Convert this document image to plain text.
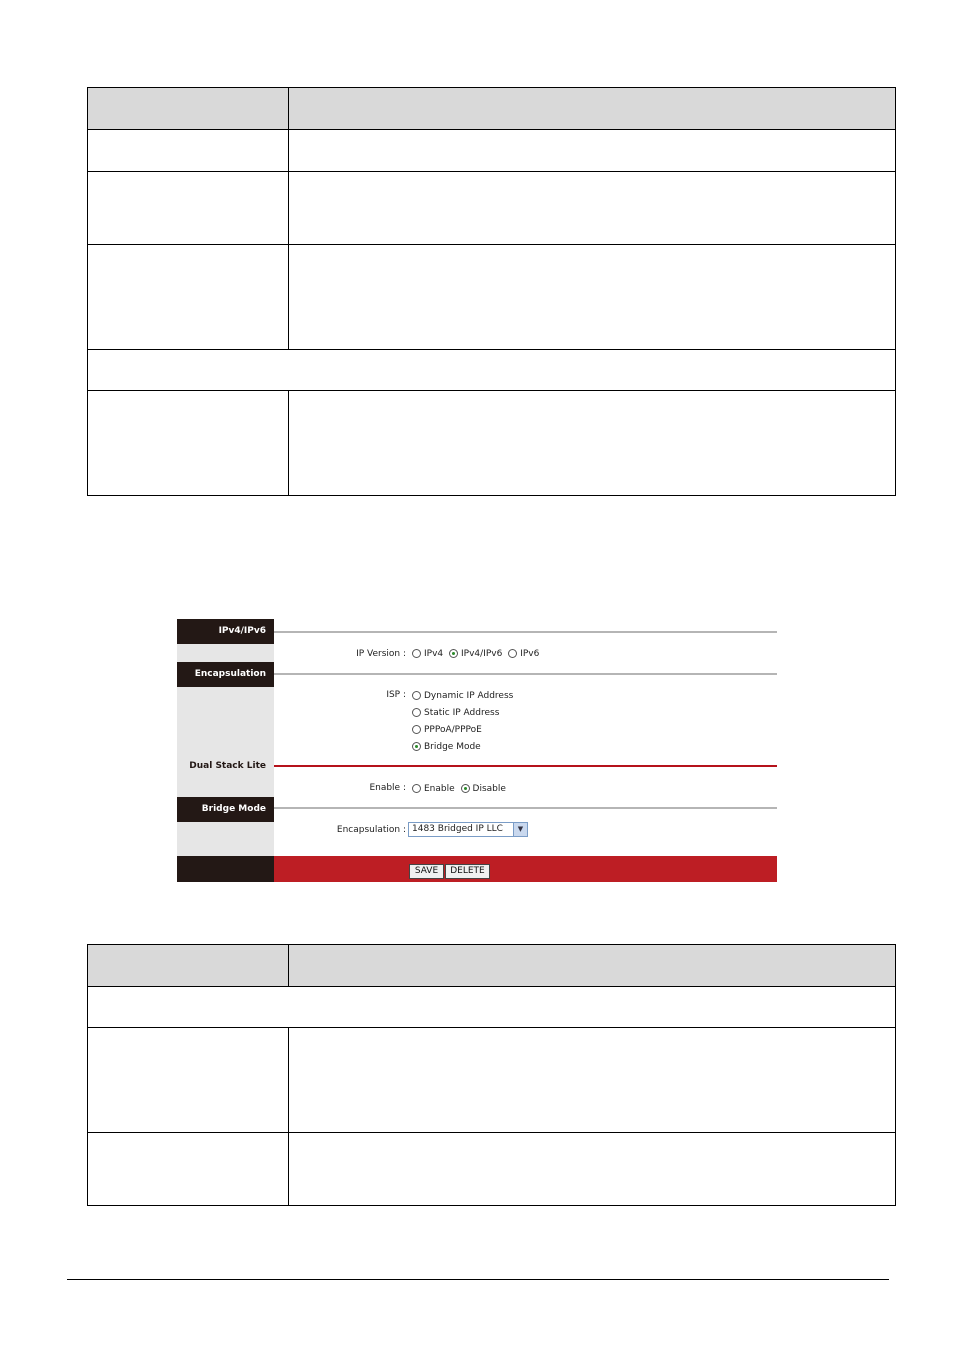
IPv4/IPv6
IP Version :	IPv4 IPv4/IPv6 IPv6
Encapsulation
ISP :	Dynamic IP Address
Static IP Address
PPPoA/PPPoE
Bridge Mode
Dual Stack Lite
Enable :	Enable Disable
Bridge Mode
Encapsulation : 1483 Bridged IP LLC	▼
SAVE	DELETE
